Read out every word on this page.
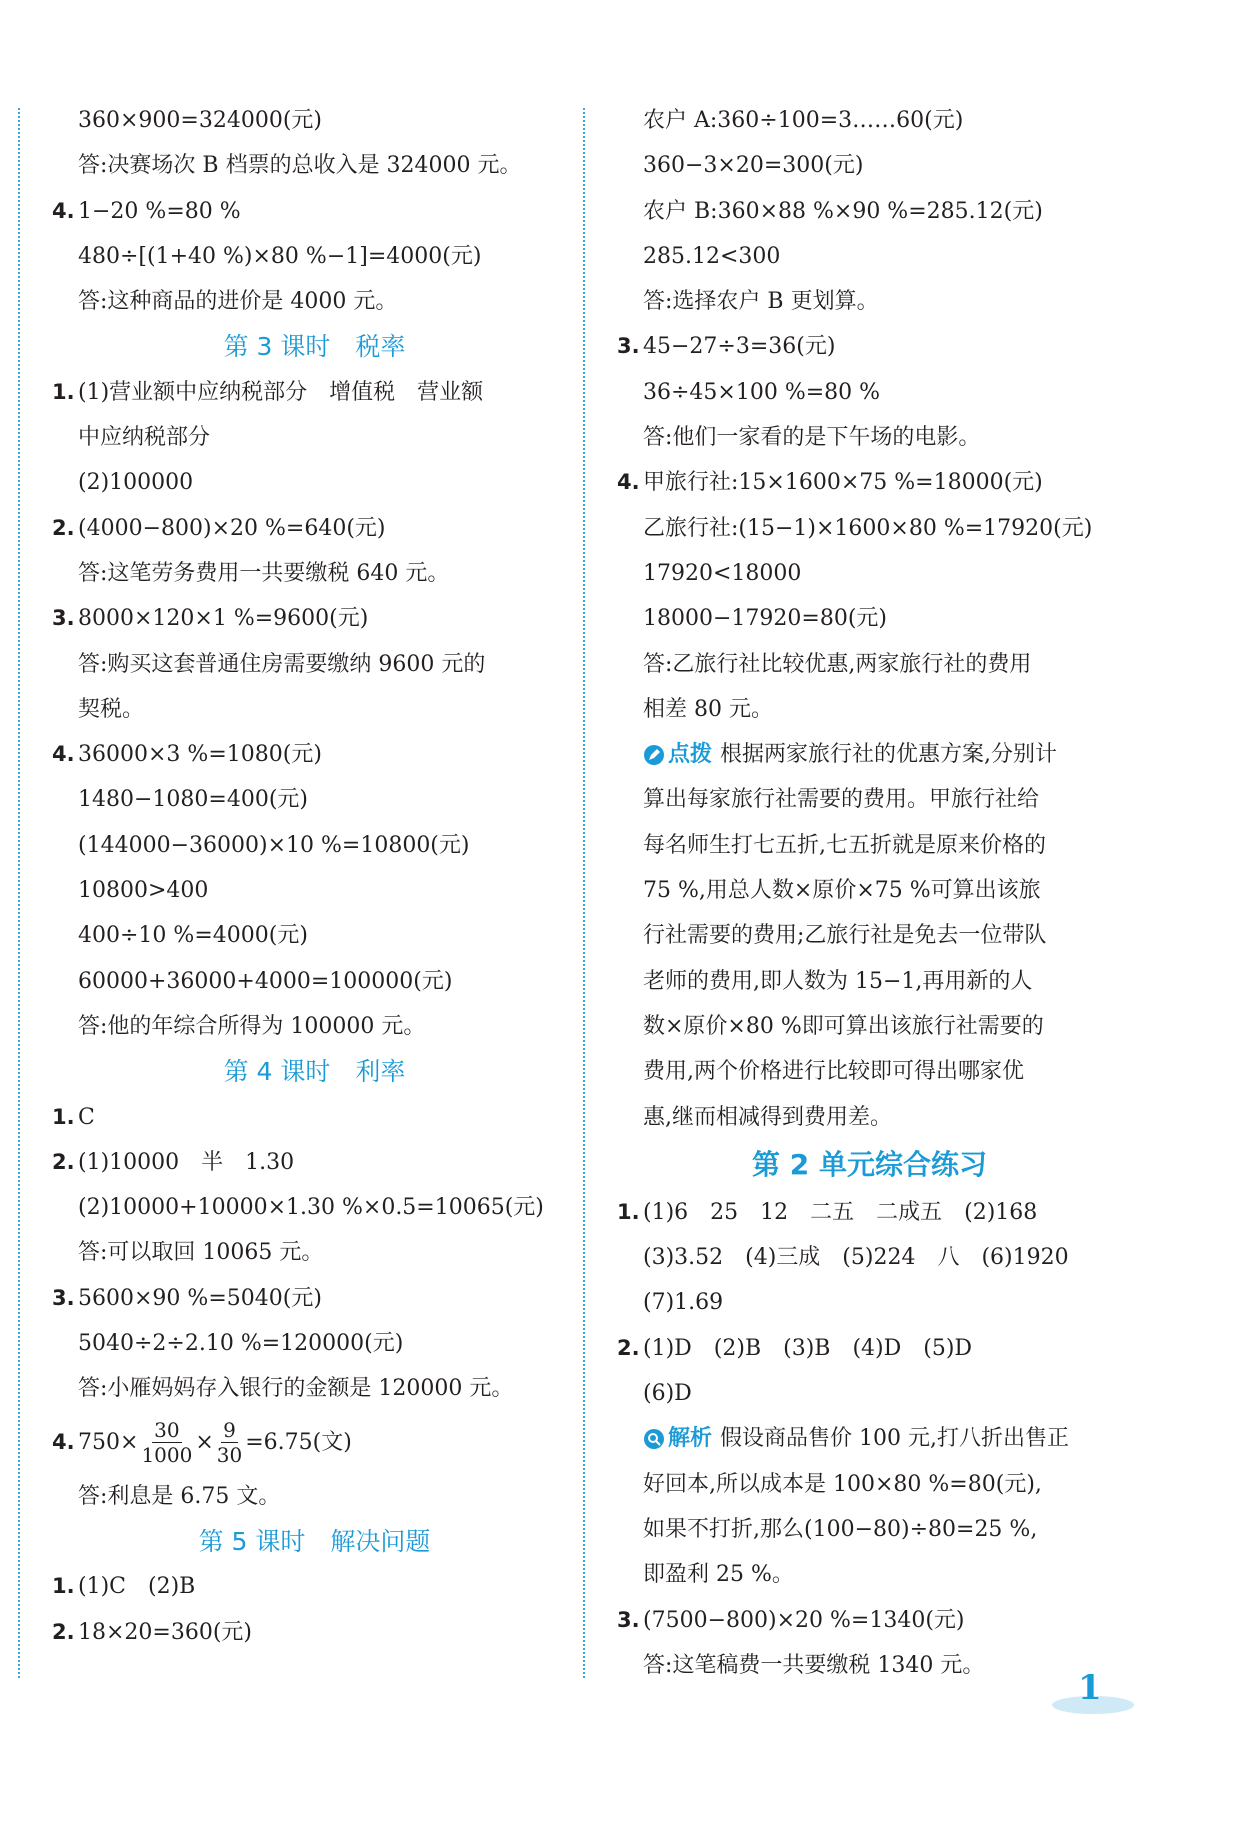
360×900=324000(元)
答:决赛场次 B 档票的总收入是 324000 元。
4. 1−20 %=80 %
480÷[(1+40 %)×80 %−1]=4000(元)
答:这种商品的进价是 4000 元。
第 3 课时　税率
1. (1)营业额中应纳税部分　增值税　营业额
中应纳税部分
(2)100000
2. (4000−800)×20 %=640(元)
答:这笔劳务费用一共要缴税 640 元。
3. 8000×120×1 %=9600(元)
答:购买这套普通住房需要缴纳 9600 元的
契税。
4. 36000×3 %=1080(元)
1480−1080=400(元)
(144000−36000)×10 %=10800(元)
10800>400
400÷10 %=4000(元)
60000+36000+4000=100000(元)
答:他的年综合所得为 100000 元。
第 4 课时　利率
1. C
2. (1)10000　半　1.30
(2)10000+10000×1.30 %×0.5=10065(元)
答:可以取回 10065 元。
3. 5600×90 %=5040(元)
5040÷2÷2.10 %=120000(元)
答:小雁妈妈存入银行的金额是 120000 元。
4. $750\times \frac{30}{1000} \times \frac{9}{30} =6.75$(文)
答:利息是 6.75 文。
第 5 课时　解决问题
1. (1)C　(2)B
2. 18×20=360(元)
农户 A:360÷100=3……60(元)
360−3×20=300(元)
农户 B:360×88 %×90 %=285.12(元)
285.12<300
答:选择农户 B 更划算。
3. 45−27÷3=36(元)
36÷45×100 %=80 %
答:他们一家看的是下午场的电影。
4. 甲旅行社:15×1600×75 %=18000(元)
乙旅行社:(15−1)×1600×80 %=17920(元)
17920<18000
18000−17920=80(元)
答:乙旅行社比较优惠,两家旅行社的费用
相差 80 元。
点拨 根据两家旅行社的优惠方案,分别计
算出每家旅行社需要的费用。甲旅行社给
每名师生打七五折,七五折就是原来价格的
75 %,用总人数×原价×75 %可算出该旅
行社需要的费用;乙旅行社是免去一位带队
老师的费用,即人数为 15−1,再用新的人
数×原价×80 %即可算出该旅行社需要的
费用,两个价格进行比较即可得出哪家优
惠,继而相减得到费用差。
第 2 单元综合练习
1. (1)6　25　12　二五　二成五　(2)168
(3)3.52　(4)三成　(5)224　八　(6)1920
(7)1.69
2. (1)D　(2)B　(3)B　(4)D　(5)D
(6)D
解析 假设商品售价 100 元,打八折出售正
好回本,所以成本是 100×80 %=80(元),
如果不打折,那么(100−80)÷80=25 %,
即盈利 25 %。
3. (7500−800)×20 %=1340(元)
答:这笔稿费一共要缴税 1340 元。
1
